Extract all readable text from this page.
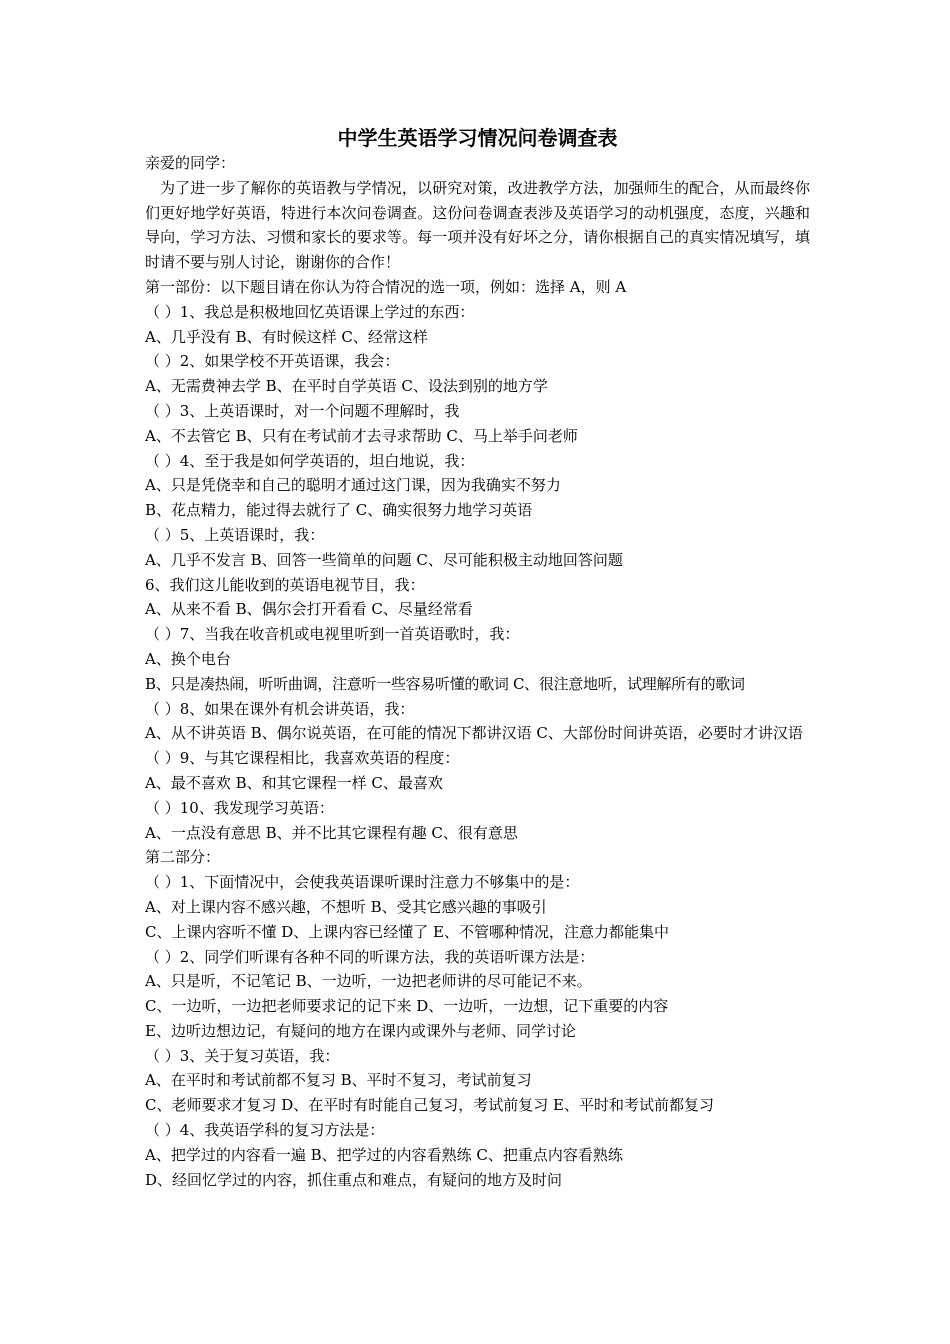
中学生英语学习情况问卷调查表
亲爱的同学：

为了进一步了解你的英语教与学情况，以研究对策，改进教学方法，加强师生的配合，从而最终你们更好地学好英语，特进行本次问卷调查。这份问卷调查表涉及英语学习的动机强度，态度，兴趣和导向，学习方法、习惯和家长的要求等。每一项并没有好坏之分，请你根据自己的真实情况填写，填时请不要与别人讨论，谢谢你的合作！

第一部份：以下题目请在你认为符合情况的选一项，例如：选择 A，则 A
（ ）1、我总是积极地回忆英语课上学过的东西：
A、几乎没有 B、有时候这样 C、经常这样
（ ）2、如果学校不开英语课，我会：
A、无需费神去学 B、在平时自学英语 C、设法到别的地方学
（ ）3、上英语课时，对一个问题不理解时，我
A、不去管它 B、只有在考试前才去寻求帮助 C、马上举手问老师
（ ）4、至于我是如何学英语的，坦白地说，我：
A、只是凭侥幸和自己的聪明才通过这门课，因为我确实不努力
B、花点精力，能过得去就行了 C、确实很努力地学习英语
（ ）5、上英语课时，我：
A、几乎不发言 B、回答一些简单的问题 C、尽可能积极主动地回答问题
6、我们这儿能收到的英语电视节目，我：
A、从来不看 B、偶尔会打开看看 C、尽量经常看
（ ）7、当我在收音机或电视里听到一首英语歌时，我：
A、换个电台
B、只是凑热闹，听听曲调，注意听一些容易听懂的歌词 C、很注意地听，试理解所有的歌词
（ ）8、如果在课外有机会讲英语，我：
A、从不讲英语 B、偶尔说英语，在可能的情况下都讲汉语 C、大部份时间讲英语，必要时才讲汉语
（ ）9、与其它课程相比，我喜欢英语的程度：
A、最不喜欢 B、和其它课程一样 C、最喜欢
（ ）10、我发现学习英语：
A、一点没有意思 B、并不比其它课程有趣 C、很有意思
第二部分：
（ ）1、下面情况中，会使我英语课听课时注意力不够集中的是：
A、对上课内容不感兴趣，不想听 B、受其它感兴趣的事吸引
C、上课内容听不懂 D、上课内容已经懂了 E、不管哪种情况，注意力都能集中
（ ）2、同学们听课有各种不同的听课方法，我的英语听课方法是：
A、只是听，不记笔记 B、一边听，一边把老师讲的尽可能记不来。
C、一边听，一边把老师要求记的记下来 D、一边听，一边想，记下重要的内容
E、边听边想边记，有疑问的地方在课内或课外与老师、同学讨论
（ ）3、关于复习英语，我：
A、在平时和考试前都不复习 B、平时不复习，考试前复习
C、老师要求才复习 D、在平时有时能自己复习，考试前复习 E、平时和考试前都复习
（ ）4、我英语学科的复习方法是：
A、把学过的内容看一遍 B、把学过的内容看熟练 C、把重点内容看熟练
D、经回忆学过的内容，抓住重点和难点，有疑问的地方及时问
